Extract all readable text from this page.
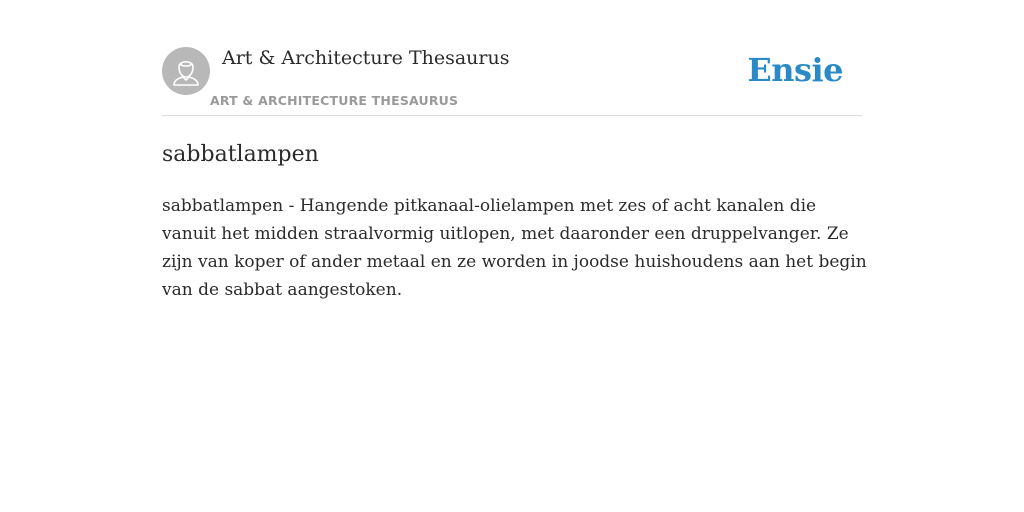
Art & Architecture Thesaurus
ART & ARCHITECTURE THESAURUS
Ensie
sabbatlampen

sabbatlampen - Hangende pitkanaal-olielampen met zes of acht kanalen die vanuit het midden straalvormig uitlopen, met daaronder een druppelvanger. Ze zijn van koper of ander metaal en ze worden in joodse huishoudens aan het begin van de sabbat aangestoken.
